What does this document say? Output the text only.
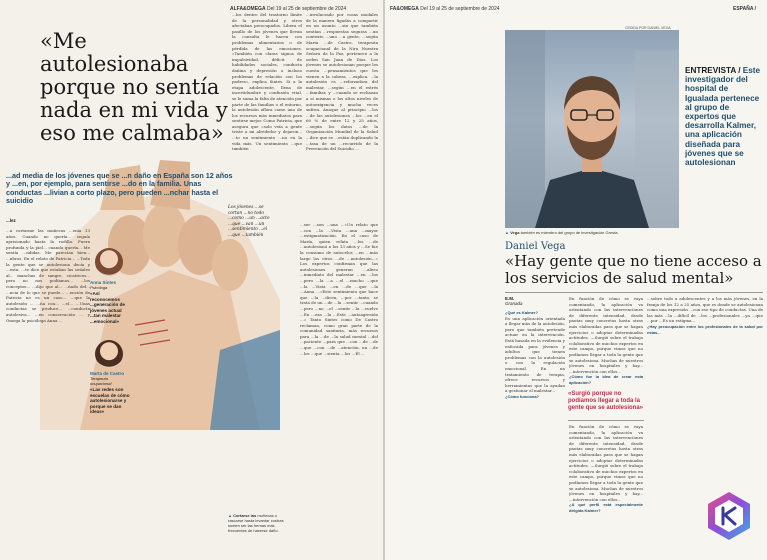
ALFA&OMEGA Del 19 al 25 de septiembre de 2024
«Me autolesionaba porque no sentía nada en mi vida y eso me calmaba»

...ad media de los jóvenes que se ...n daño en España son 12 años y ...en, por ejemplo, para sentirse ...do en la familia. Unas conductas ...livian a corto plazo, pero pueden ...nchar hasta el suicidio

...lez

...a cortarme las muñecas ...enía 13 años. Cuando no quería... seguía aprisionado hasta la rodilla. Fuera profunda y la piel... cuando quería... Me sentía ...ndidas. Me parecían bien... ...nbros. En el relato de Patricia... ...Toda la gente que se autolesiona decía y ...esta. ...te dice que estaban las señales al... manchas de sangre, cicatrices... pero no nos podíamos... ...los conceptos... ...dijo que al... ...ñado del... ...ncia de lo que se puede... ...ención de Patricia no es un caso... ...que la autolesión ... ...ña con... ...el... ...Unas conductas se produce... ...conducta autolesiva... ...en conservación ... y Omega la psicóloga Anna ...

...los dentro del trastorno límite de la personalidad y otros afectaban preocupados. Libera el pasillo de los jóvenes que llevan la consulta le hacen con problemas alimentarios o de pérdida de las emociones. «También con claras signos de impulsividad, déficit de habilidades sociales, conducta dañina y depresión o incluso problemas de relación con los padres», explica Sintes. Si a la etapa adolescente, llena de incertidumbre y confusión vital, se le suma la falta de atención por parte de las familias o el entorno, la autolesión aflora como uno de los recursos más inmediatos para sentirse mejor. Como Patricia, que asegura que «solo veía a gente triste a mi alrededor y dejaron... ...to un sentimiento ...no en la vida más. Un sentimiento ...que también

...involucrado por cosas modales de la manera ligadas a compartir en un asunto ...sin que también sentían ...respuestas seguras ...un contexto ...uno ...a gente, ...según Marta ...de Castro, terapeuta ocupacional de la Nira Nuestra Señora de la Paz, pertenece a la orden San Juan de Dios. Los jóvenes se autolesionan porque les cuesta ...pensamientos que les vienen a la cabeza, ...explica. ...la autolesión es ...reforzadora del malestar, ...según ...en el estrés ...familiar, y ...cuando se rechazan a sí mismas o los altos niveles de autoexigencia y mucha veces sufren. Aunque al principio ...los ...de las autolesiones ...los ...en el 60 % de entre 12 y 25 años, ...según los datos ...de la Organización Mundial de la Salud ...dice que se ...están duplicando la ...tasa de un ...recurrido de la Prevención del Suicidio ...

...ser ...son ...una ...«Un relato que ...con ...la ...Vista ...una ...mayor ...estigmatización. En el caso de María, quien relata ...los ...de ...autolesionó a los 13 años y ...Se fue la consumo de autocelos ...en ...más largo los otros ...de ...autolesión...» Los expertos confirman que las autolesiones generan ...alivio ...inmediato del malestar ...en ...los ...pero ...la ...a ...el ...mucho ...que ...la ...Vista ...en ...de ...que ...la ...Anna ...«Este sentimiento que hace que ...la ...dicen, ...por ...tanto, se trata de un ...de ...la ...sentir ...cuando ...pero ...no ...el ...sentir ...la ...vuelve ...En ...esa ...la ...Este ...autoagresión ...» Tanto Sintes como De Castro reclaman, como gran parte de la comunidad sanitaria, más recursos para ...la ...de ...la salud mental ...del ...paciente ...para que ...con ...de ...de ...que ...con ...de ...atención, un ...de ...los ...que ...sienta ...los ...Él ...

Anna Sintes
Psicóloga
«Así reconocemos ...generación de jóvenes actual ...tan malestar ...emocional»
Marta de Castro
Terapeuta ocupacional
«Las redes son escuelas de cómo autolesionarse y porque se dan ideas»

Los jóvenes ...se cortan ...no todo ...como ...un ...acto ...que ...van ...un ...sentimiento ...el ...que ...también

▲ Cortarse las muñecas o rascarse hasta levantar costras suelen ser las formas más frecuentes de hacerse daño.

FA&OMEGA Del 19 al 25 de septiembre de 2024	ESPAÑA /
CEDIDA POR DANIEL VEGA
▲ Vega también es miembro del grupo de investigación Gresta.

ENTREVISTA / Este investigador del hospital de Igualada pertenece al grupo de expertos que desarrolla Kalmer, una aplicación diseñada para jóvenes que se autolesionan

Daniel Vega
«Hay gente que no tiene acceso a los servicios de salud mental»
E.M.
Granada
¿Qué es Kalmer?
Es una aplicación orientada a llegar más de la autolesión, pero que también pretende actuar en la intervención. Está basada en la evidencia y enfocada para jóvenes y adultos que tienen problemas con la autolesión o con la regulación emocional. En un tratamiento de terapia, ofrece recursos y herramientas que la ayudan a gestionar el malestar...
¿Cómo funciona?
En función de cómo se vaya comentando, la aplicación va orientando con las intervenciones de diferente intensidad, desde pautas muy concretas hasta otras más elaboradas para que se hagan ejercicios o adoptar determinadas actitudes. —Surgió sobre el trabajo colaborativo de muchos expertos en este campo, porque vimos que no podíamos llegar a toda la gente que se autolesiona. Muchas de nuestros jóvenes en hospitales y hay... ...intervención con ellos...
¿Cómo fue la idea de crear esta aplicación?

«Surgió porque no podíamos llegar a toda la gente que se autolesiona»

En función de cómo se vaya comentando, la aplicación va orientando con las intervenciones de diferente intensidad, desde pautas muy concretas hasta otras más elaboradas para que se hagan ejercicios o adoptar determinadas actitudes. —Surgió sobre el trabajo colaborativo de muchos expertos en este campo, porque vimos que no podíamos llegar a toda la gente que se autolesiona. Muchas de nuestros jóvenes en hospitales y hay... ...intervención con ellos...
¿A qué perfil está especialmente dirigida Kalmer?
...sobre todo a adolescentes y a los más jóvenes, en la franja de los 12 a 25 años, que es donde se autolesionan como una expresión ...con ese tipo de conductas. Una de las más ...la ...difícil de ...los ...profesionales ...ya ...que ...por ...Es un estigma...
¿Hay preocupación entre los profesionales de la salud por estas...
